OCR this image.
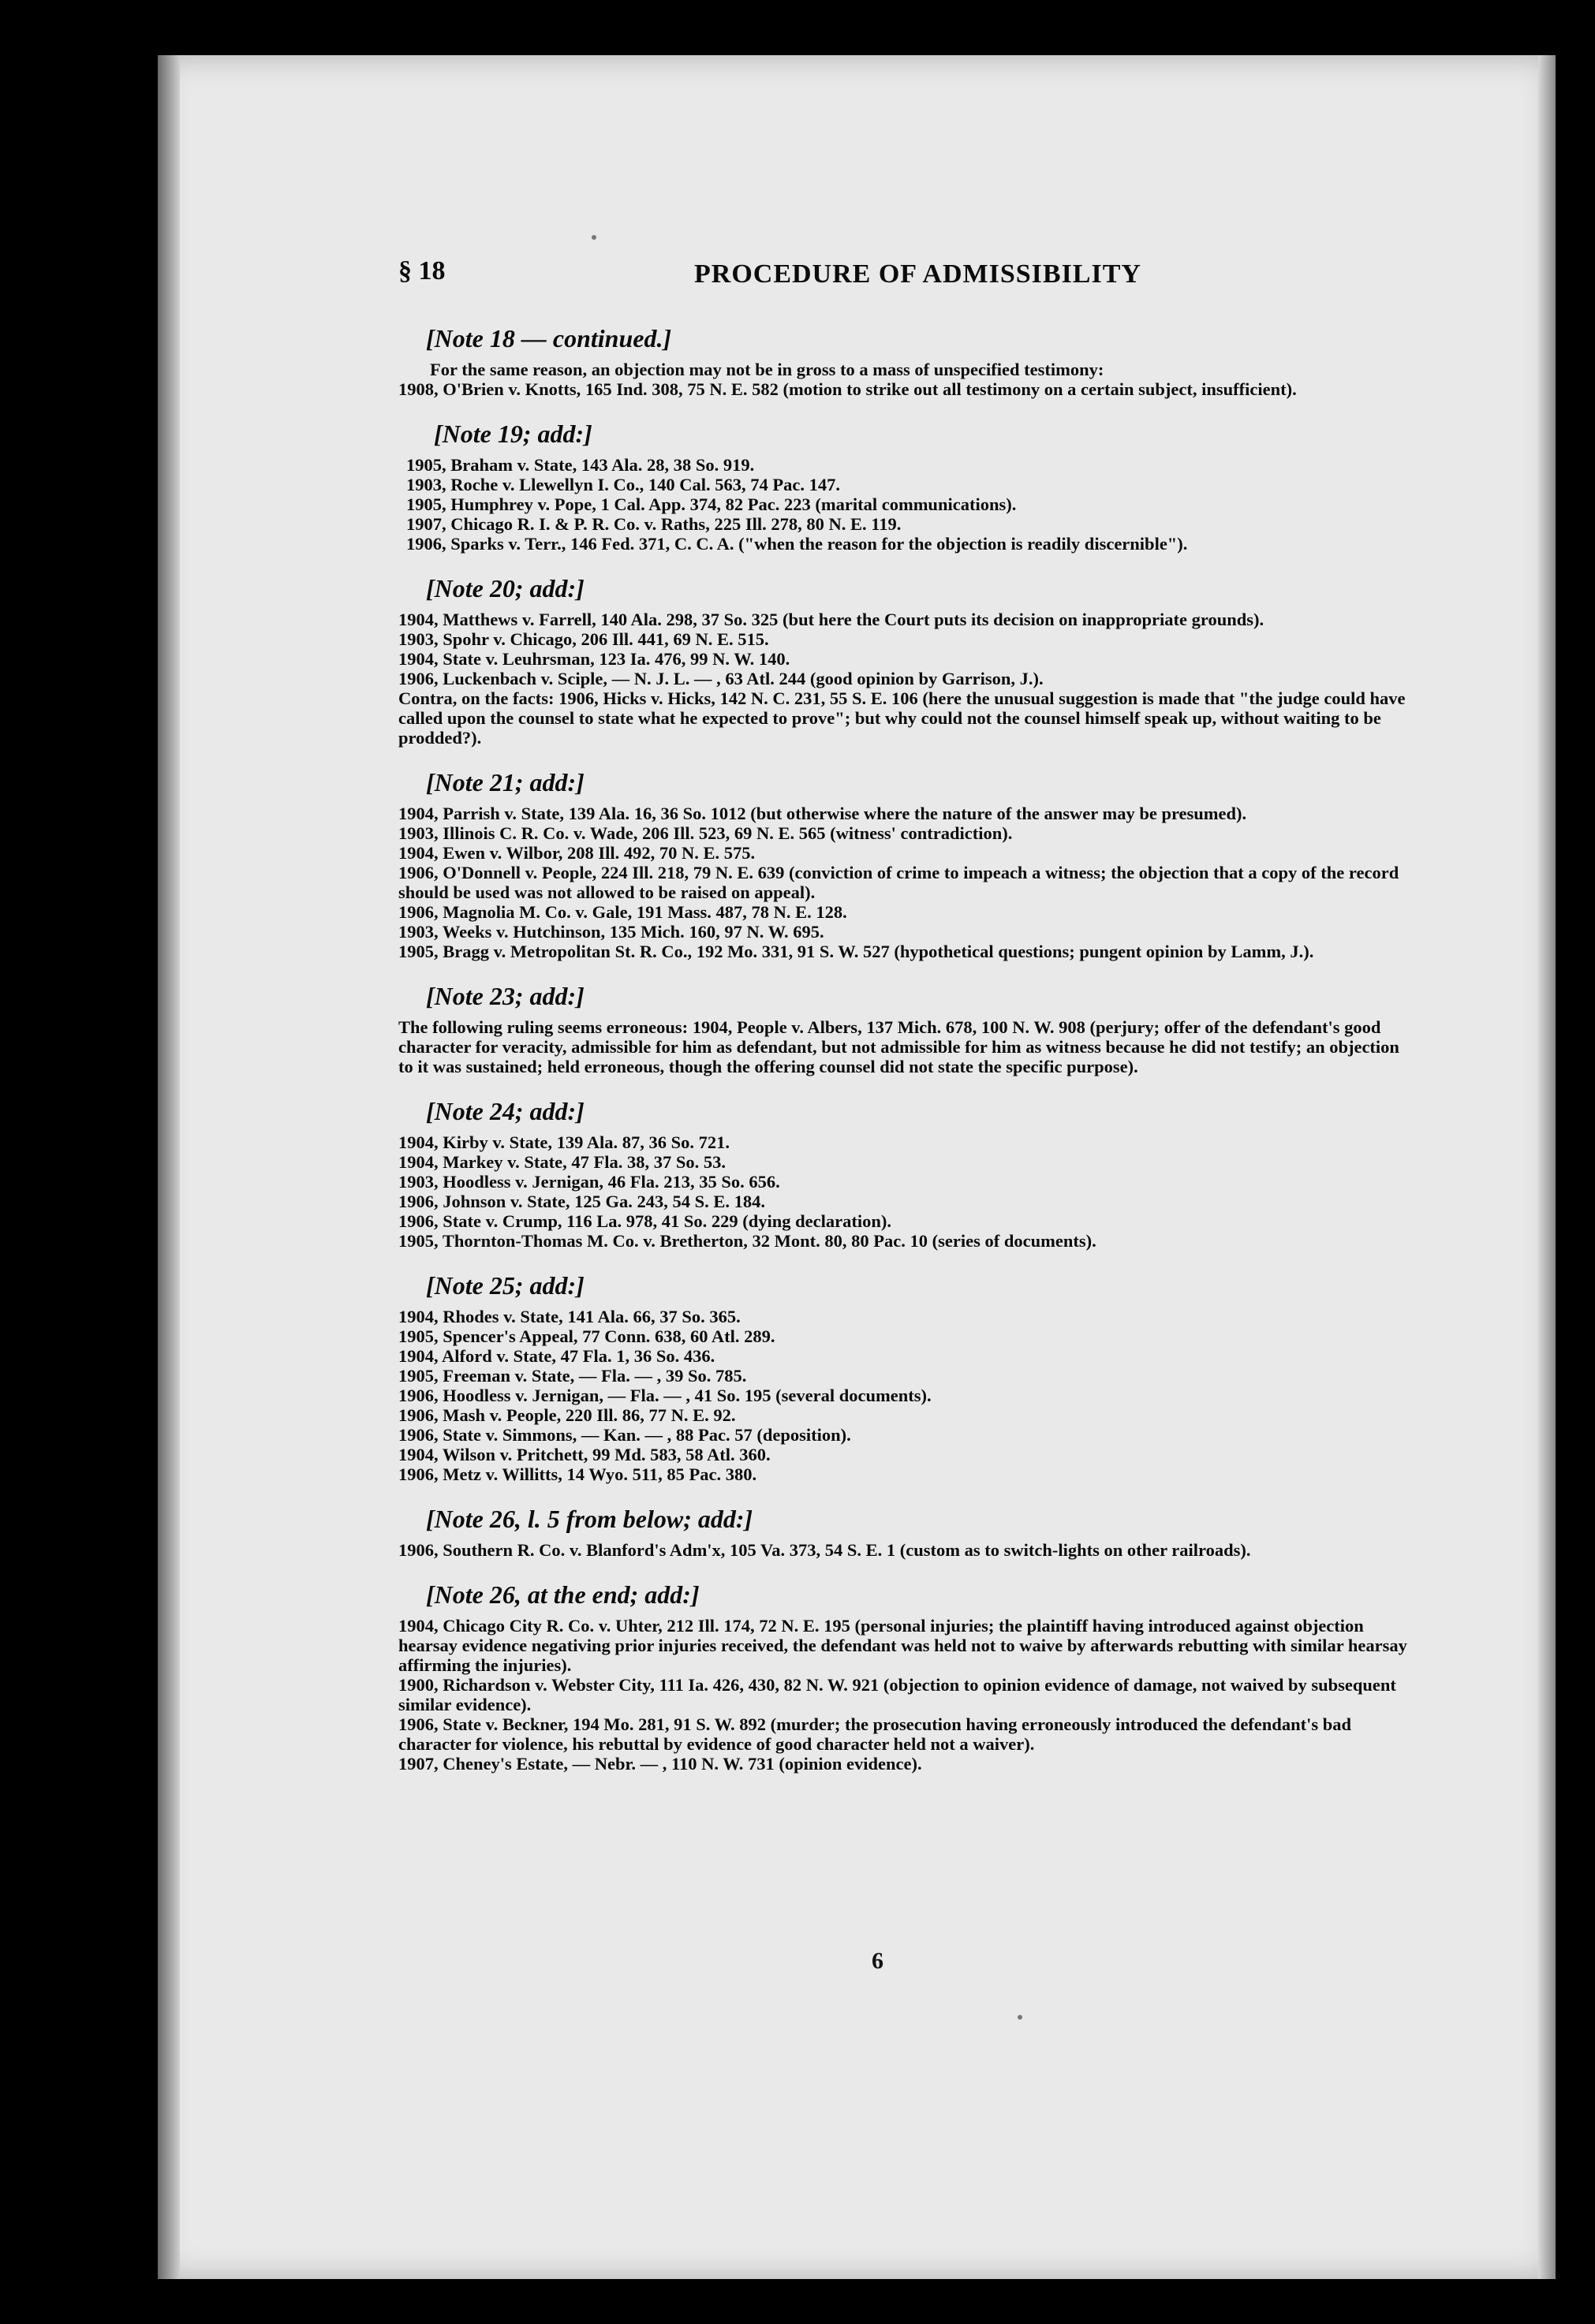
§ 18	PROCEDURE OF ADMISSIBILITY
[Note 18 — continued.]

For the same reason, an objection may not be in gross to a mass of unspecified testimony:

1908, O'Brien v. Knotts, 165 Ind. 308, 75 N. E. 582 (motion to strike out all testimony on a certain subject, insufficient).

[Note 19; add:]

1905, Braham v. State, 143 Ala. 28, 38 So. 919.

1903, Roche v. Llewellyn I. Co., 140 Cal. 563, 74 Pac. 147.

1905, Humphrey v. Pope, 1 Cal. App. 374, 82 Pac. 223 (marital communications).

1907, Chicago R. I. & P. R. Co. v. Raths, 225 Ill. 278, 80 N. E. 119.

1906, Sparks v. Terr., 146 Fed. 371, C. C. A. ("when the reason for the objection is readily discernible").

[Note 20; add:]

1904, Matthews v. Farrell, 140 Ala. 298, 37 So. 325 (but here the Court puts its decision on inappropriate grounds).

1903, Spohr v. Chicago, 206 Ill. 441, 69 N. E. 515.

1904, State v. Leuhrsman, 123 Ia. 476, 99 N. W. 140.

1906, Luckenbach v. Sciple, — N. J. L. — , 63 Atl. 244 (good opinion by Garrison, J.).

Contra, on the facts: 1906, Hicks v. Hicks, 142 N. C. 231, 55 S. E. 106 (here the unusual suggestion is made that "the judge could have called upon the counsel to state what he expected to prove"; but why could not the counsel himself speak up, without waiting to be prodded?).

[Note 21; add:]

1904, Parrish v. State, 139 Ala. 16, 36 So. 1012 (but otherwise where the nature of the answer may be presumed).

1903, Illinois C. R. Co. v. Wade, 206 Ill. 523, 69 N. E. 565 (witness' contradiction).

1904, Ewen v. Wilbor, 208 Ill. 492, 70 N. E. 575.

1906, O'Donnell v. People, 224 Ill. 218, 79 N. E. 639 (conviction of crime to impeach a witness; the objection that a copy of the record should be used was not allowed to be raised on appeal).

1906, Magnolia M. Co. v. Gale, 191 Mass. 487, 78 N. E. 128.

1903, Weeks v. Hutchinson, 135 Mich. 160, 97 N. W. 695.

1905, Bragg v. Metropolitan St. R. Co., 192 Mo. 331, 91 S. W. 527 (hypothetical questions; pungent opinion by Lamm, J.).

[Note 23; add:]

The following ruling seems erroneous: 1904, People v. Albers, 137 Mich. 678, 100 N. W. 908 (perjury; offer of the defendant's good character for veracity, admissible for him as defendant, but not admissible for him as witness because he did not testify; an objection to it was sustained; held erroneous, though the offering counsel did not state the specific purpose).

[Note 24; add:]

1904, Kirby v. State, 139 Ala. 87, 36 So. 721.

1904, Markey v. State, 47 Fla. 38, 37 So. 53.

1903, Hoodless v. Jernigan, 46 Fla. 213, 35 So. 656.

1906, Johnson v. State, 125 Ga. 243, 54 S. E. 184.

1906, State v. Crump, 116 La. 978, 41 So. 229 (dying declaration).

1905, Thornton-Thomas M. Co. v. Bretherton, 32 Mont. 80, 80 Pac. 10 (series of documents).

[Note 25; add:]

1904, Rhodes v. State, 141 Ala. 66, 37 So. 365.

1905, Spencer's Appeal, 77 Conn. 638, 60 Atl. 289.

1904, Alford v. State, 47 Fla. 1, 36 So. 436.

1905, Freeman v. State, — Fla. — , 39 So. 785.

1906, Hoodless v. Jernigan, — Fla. — , 41 So. 195 (several documents).

1906, Mash v. People, 220 Ill. 86, 77 N. E. 92.

1906, State v. Simmons, — Kan. — , 88 Pac. 57 (deposition).

1904, Wilson v. Pritchett, 99 Md. 583, 58 Atl. 360.

1906, Metz v. Willitts, 14 Wyo. 511, 85 Pac. 380.

[Note 26, l. 5 from below; add:]

1906, Southern R. Co. v. Blanford's Adm'x, 105 Va. 373, 54 S. E. 1 (custom as to switch-lights on other railroads).

[Note 26, at the end; add:]

1904, Chicago City R. Co. v. Uhter, 212 Ill. 174, 72 N. E. 195 (personal injuries; the plaintiff having introduced against objection hearsay evidence negativing prior injuries received, the defendant was held not to waive by afterwards rebutting with similar hearsay affirming the injuries).

1900, Richardson v. Webster City, 111 Ia. 426, 430, 82 N. W. 921 (objection to opinion evidence of damage, not waived by subsequent similar evidence).

1906, State v. Beckner, 194 Mo. 281, 91 S. W. 892 (murder; the prosecution having erroneously introduced the defendant's bad character for violence, his rebuttal by evidence of good character held not a waiver).

1907, Cheney's Estate, — Nebr. — , 110 N. W. 731 (opinion evidence).

6
